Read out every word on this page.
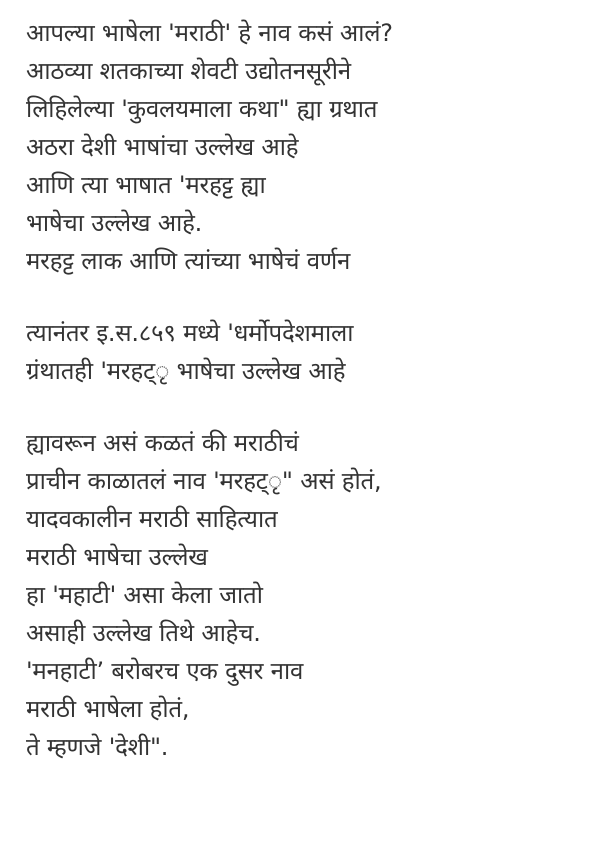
आपल्या भाषेला 'मराठी' हे नाव कसं आलं?
आठव्या शतकाच्या शेवटी उद्योतनसूरीने
लिहिलेल्या 'कुवलयमाला कथा" ह्या ग्रथात
अठरा देशी भाषांचा उल्लेख आहे
आणि त्या भाषात 'मरहट्ट ह्या
भाषेचा उल्लेख आहे.
मरहट्ट लाक आणि त्यांच्या भाषेचं वर्णन
त्यानंतर इ.स.८५९ मध्ये 'धर्मोपदेशमाला
ग्रंथातही 'मरहट्ृ भाषेचा उल्लेख आहे
ह्यावरून असं कळतं की मराठीचं
प्राचीन काळातलं नाव 'मरहट्ृ" असं होतं,
यादवकालीन मराठी साहित्यात
मराठी भाषेचा उल्लेख
हा 'महाटी' असा केला जातो
असाही उल्लेख तिथे आहेच.
'मनहाटी’ बरोबरच एक दुसर नाव
मराठी भाषेला होतं,
ते म्हणजे 'देशी".
